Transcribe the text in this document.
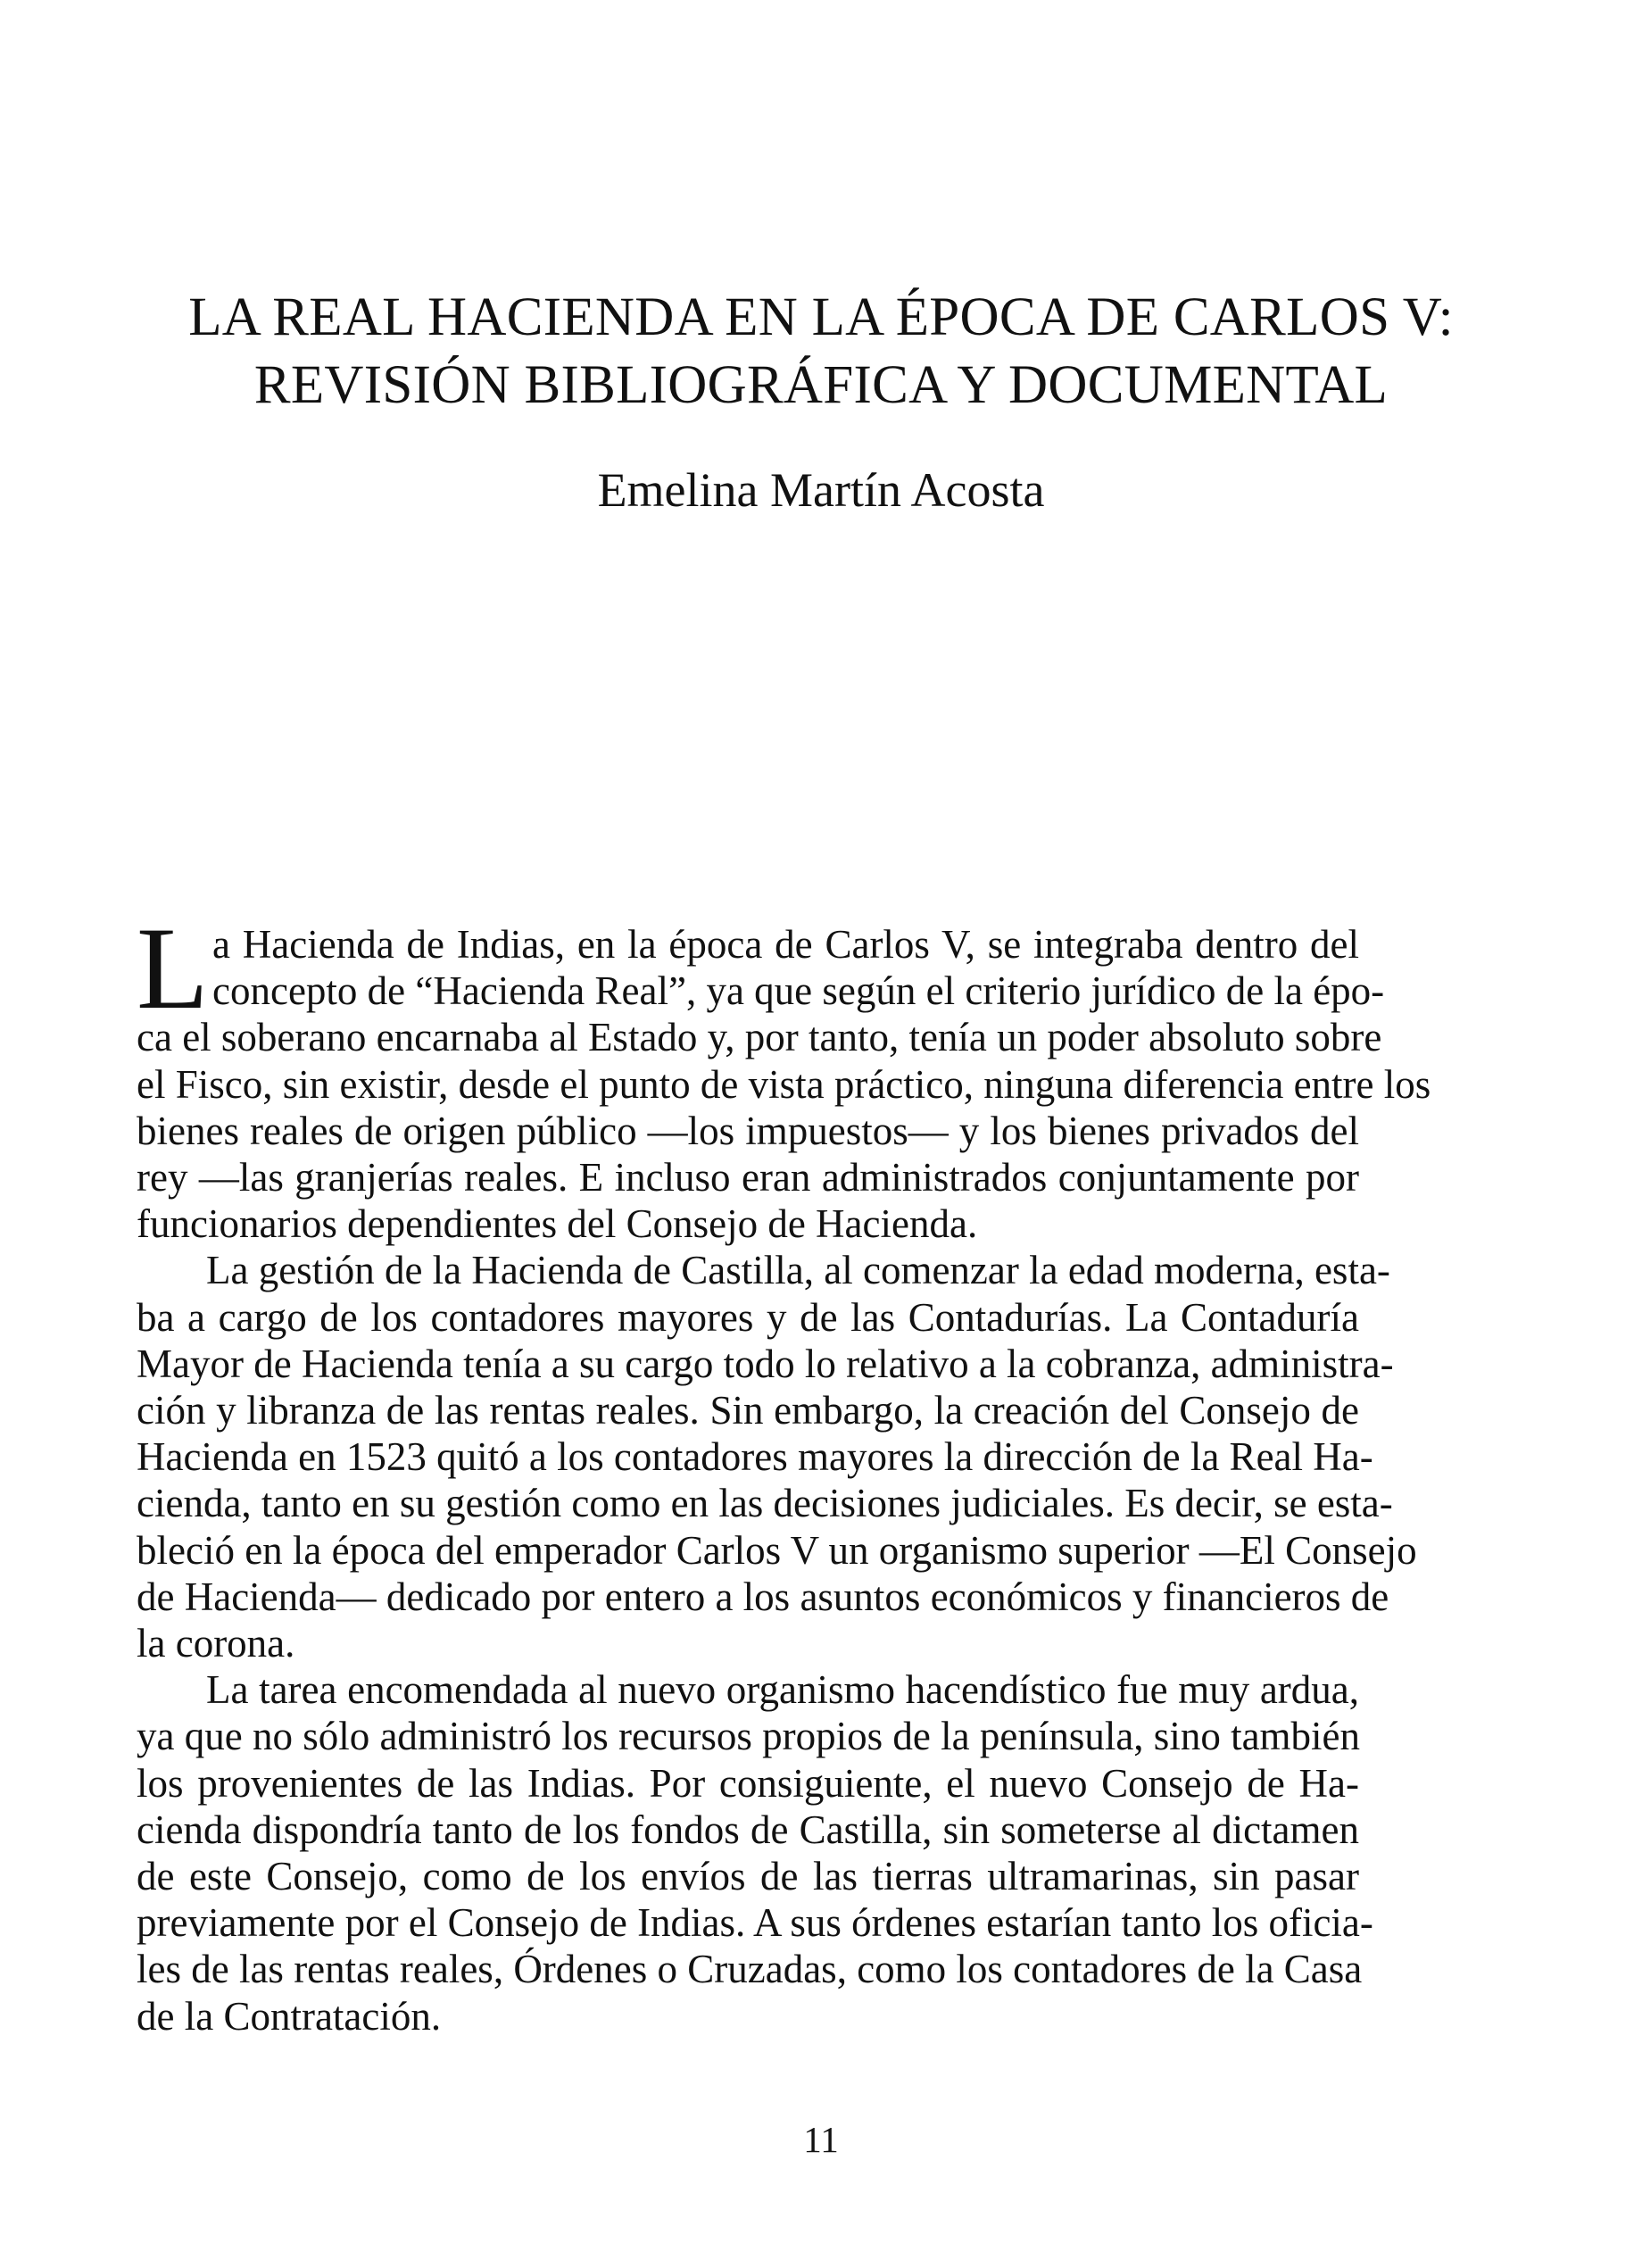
LA REAL HACIENDA EN LA ÉPOCA DE CARLOS V:
REVISIÓN BIBLIOGRÁFICA Y DOCUMENTAL
Emelina Martín Acosta
L a Hacienda de Indias, en la época de Carlos V, se integraba dentro del
concepto de “Hacienda Real”, ya que según el criterio jurídico de la épo-
ca el soberano encarnaba al Estado y, por tanto, tenía un poder absoluto sobre
el Fisco, sin existir, desde el punto de vista práctico, ninguna diferencia entre los
bienes reales de origen público —los impuestos— y los bienes privados del
rey —las granjerías reales. E incluso eran administrados conjuntamente por
funcionarios dependientes del Consejo de Hacienda.
La gestión de la Hacienda de Castilla, al comenzar la edad moderna, esta-
ba a cargo de los contadores mayores y de las Contadurías. La Contaduría
Mayor de Hacienda tenía a su cargo todo lo relativo a la cobranza, administra-
ción y libranza de las rentas reales. Sin embargo, la creación del Consejo de
Hacienda en 1523 quitó a los contadores mayores la dirección de la Real Ha-
cienda, tanto en su gestión como en las decisiones judiciales. Es decir, se esta-
bleció en la época del emperador Carlos V un organismo superior —El Consejo
de Hacienda— dedicado por entero a los asuntos económicos y financieros de
la corona.
La tarea encomendada al nuevo organismo hacendístico fue muy ardua,
ya que no sólo administró los recursos propios de la península, sino también
los provenientes de las Indias. Por consiguiente, el nuevo Consejo de Ha-
cienda dispondría tanto de los fondos de Castilla, sin someterse al dictamen
de este Consejo, como de los envíos de las tierras ultramarinas, sin pasar
previamente por el Consejo de Indias. A sus órdenes estarían tanto los oficia-
les de las rentas reales, Órdenes o Cruzadas, como los contadores de la Casa
de la Contratación.
11
